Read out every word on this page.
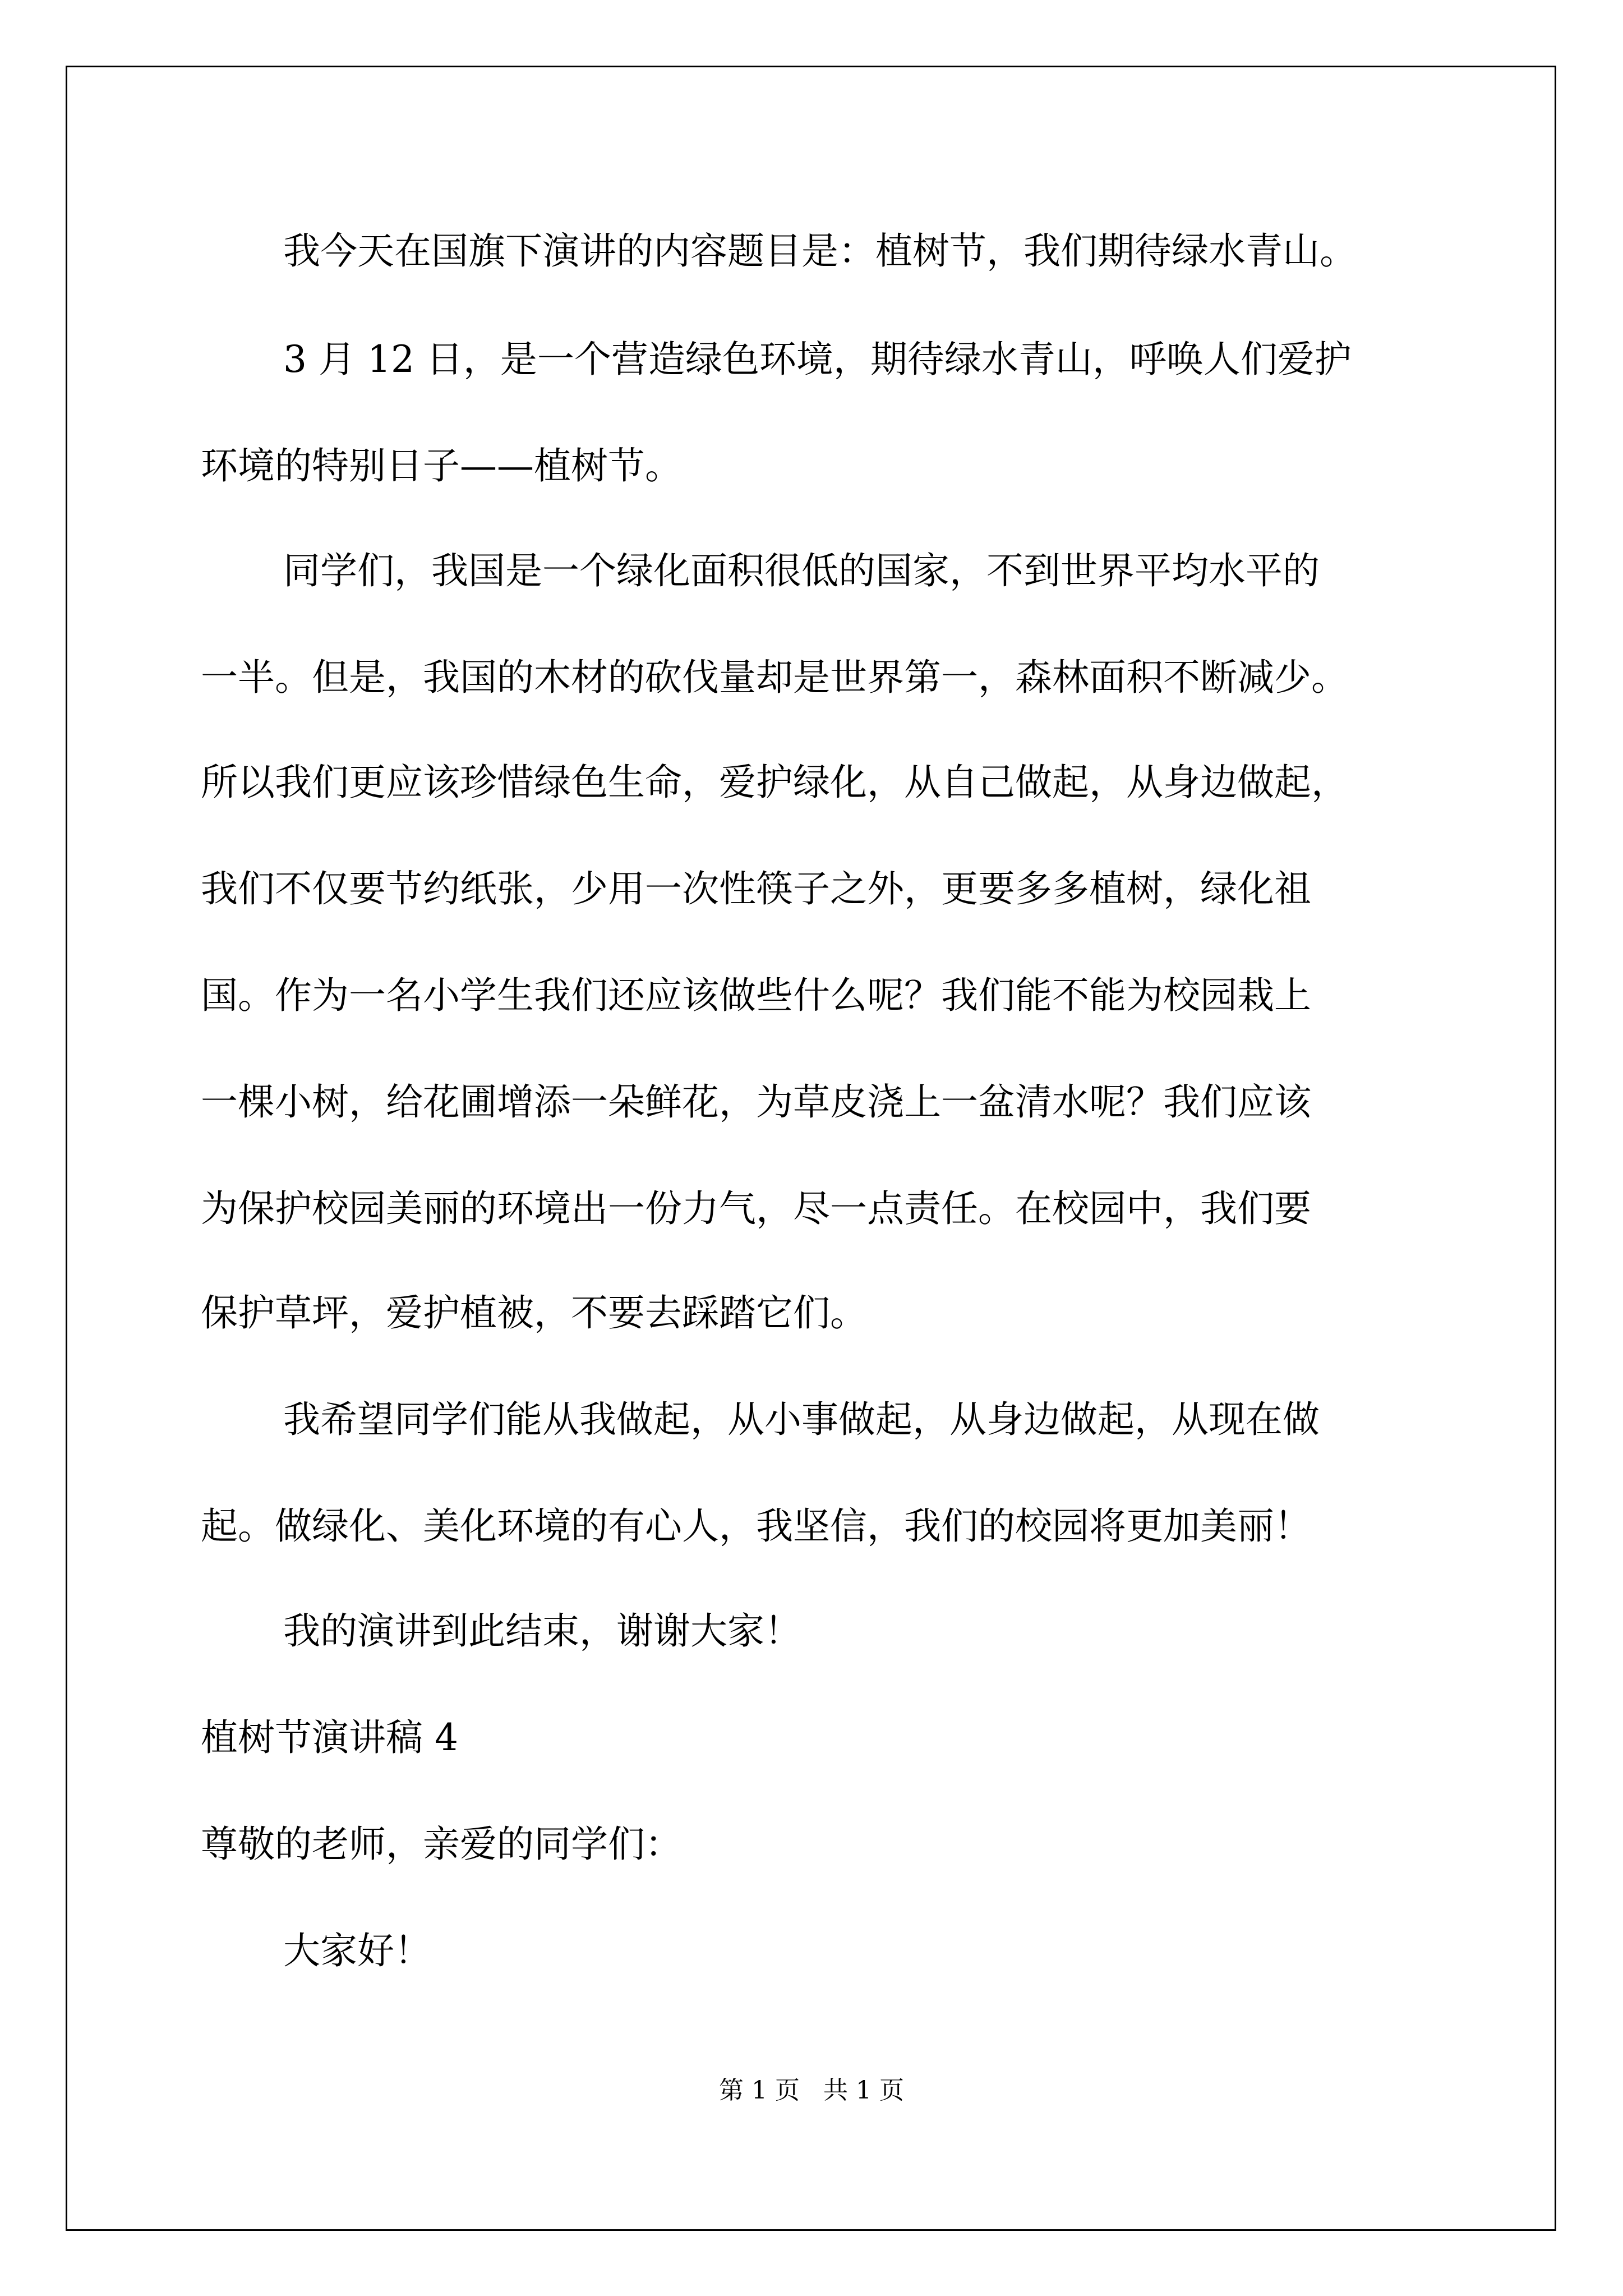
我今天在国旗下演讲的内容题目是：植树节，我们期待绿水青山。
3 月 12 日，是一个营造绿色环境，期待绿水青山，呼唤人们爱护
环境的特别日子——植树节。
同学们，我国是一个绿化面积很低的国家，不到世界平均水平的
一半。但是，我国的木材的砍伐量却是世界第一，森林面积不断减少。
所以我们更应该珍惜绿色生命，爱护绿化，从自己做起，从身边做起，
我们不仅要节约纸张，少用一次性筷子之外，更要多多植树，绿化祖
国。作为一名小学生我们还应该做些什么呢？我们能不能为校园栽上
一棵小树，给花圃增添一朵鲜花，为草皮浇上一盆清水呢？我们应该
为保护校园美丽的环境出一份力气，尽一点责任。在校园中，我们要
保护草坪，爱护植被，不要去踩踏它们。
我希望同学们能从我做起，从小事做起，从身边做起，从现在做
起。做绿化、美化环境的有心人，我坚信，我们的校园将更加美丽！
我的演讲到此结束，谢谢大家！
植树节演讲稿 4
尊敬的老师，亲爱的同学们：
大家好！
第 1 页   共 1 页
